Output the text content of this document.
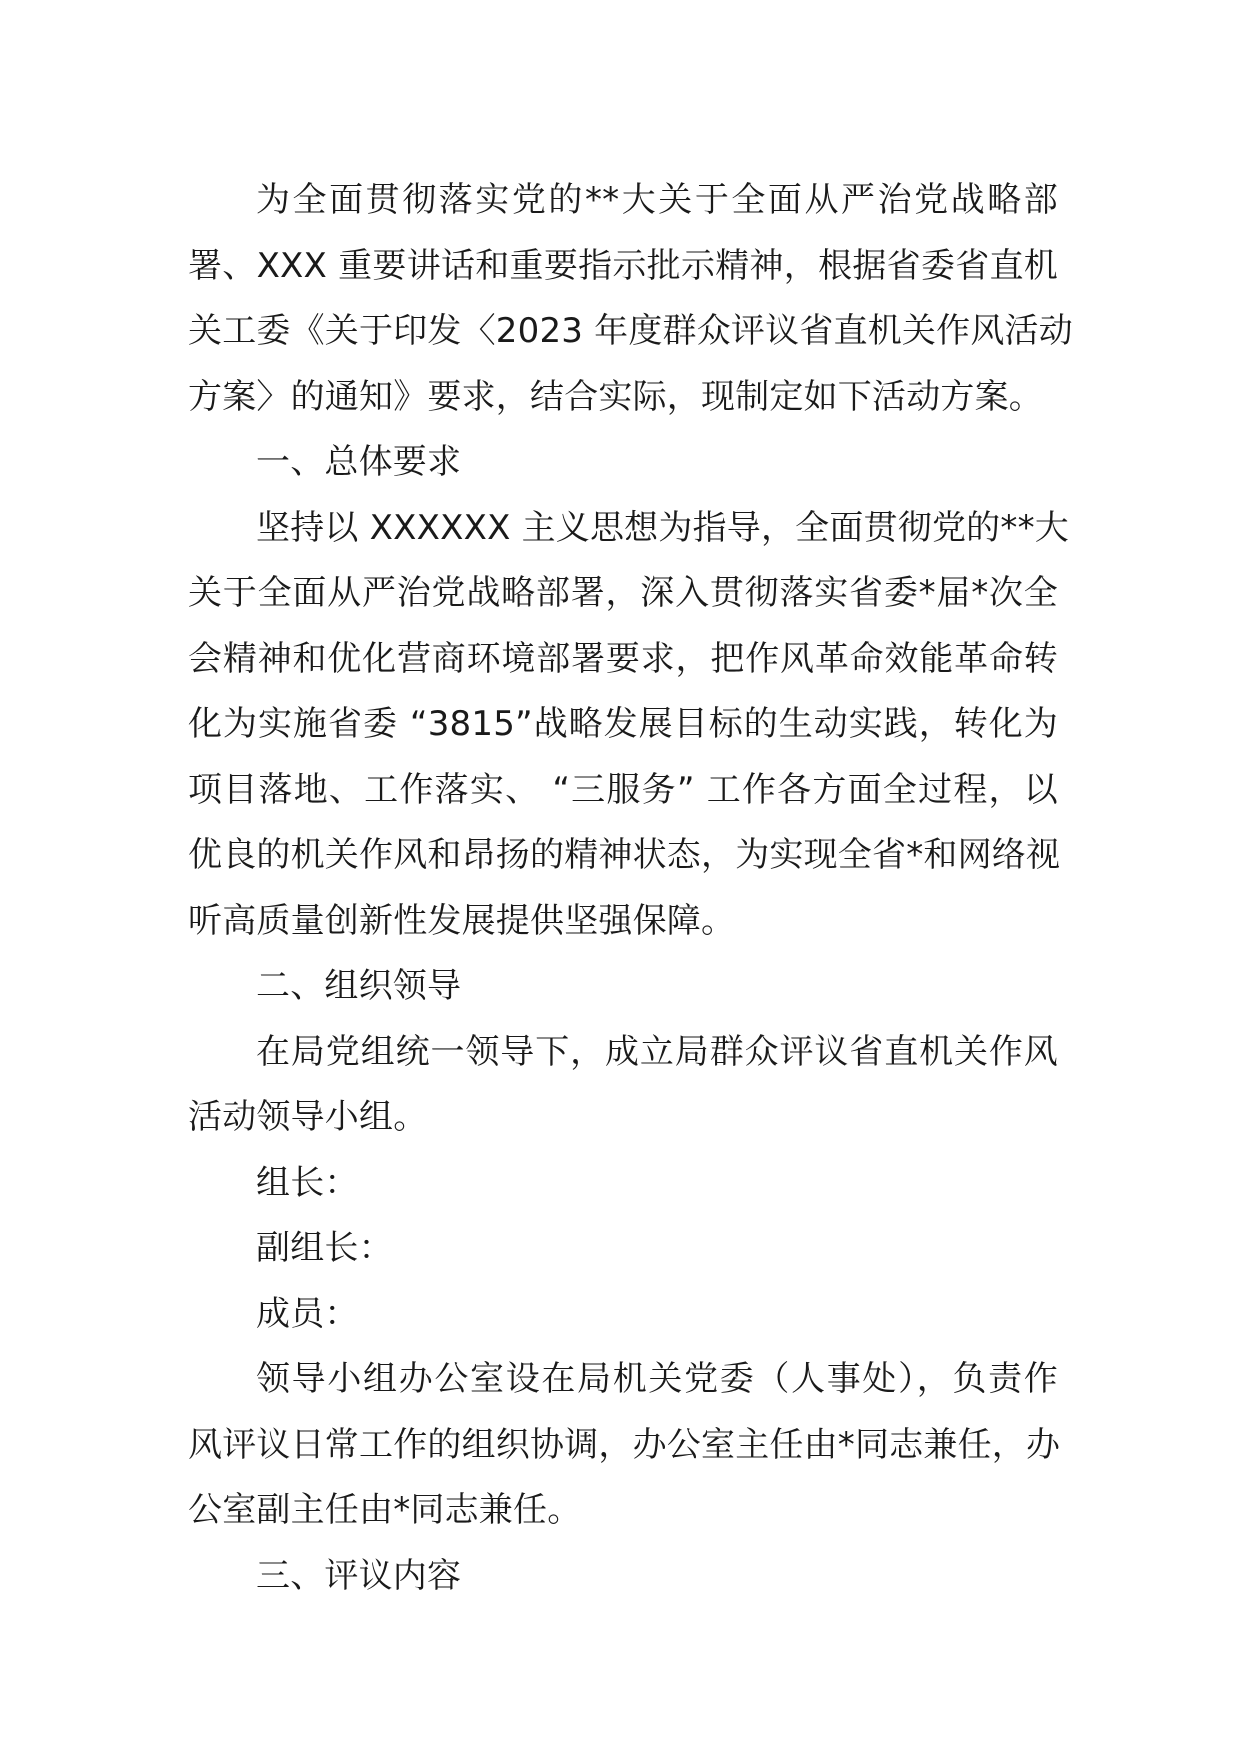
为全面贯彻落实党的**大关于全面从严治党战略部
署、XXX 重要讲话和重要指示批示精神，根据省委省直机
关工委《关于印发〈2023 年度群众评议省直机关作风活动
方案〉的通知》要求，结合实际，现制定如下活动方案。
一、总体要求
坚持以 XXXXXX 主义思想为指导，全面贯彻党的**大
关于全面从严治党战略部署，深入贯彻落实省委*届*次全
会精神和优化营商环境部署要求，把作风革命效能革命转
化为实施省委 “3815”战略发展目标的生动实践，转化为
项目落地、工作落实、 “三服务” 工作各方面全过程，以
优良的机关作风和昂扬的精神状态，为实现全省*和网络视
听高质量创新性发展提供坚强保障。
二、组织领导
在局党组统一领导下，成立局群众评议省直机关作风
活动领导小组。
组长：
副组长：
成员：
领导小组办公室设在局机关党委（人事处），负责作
风评议日常工作的组织协调，办公室主任由*同志兼任，办
公室副主任由*同志兼任。
三、评议内容
